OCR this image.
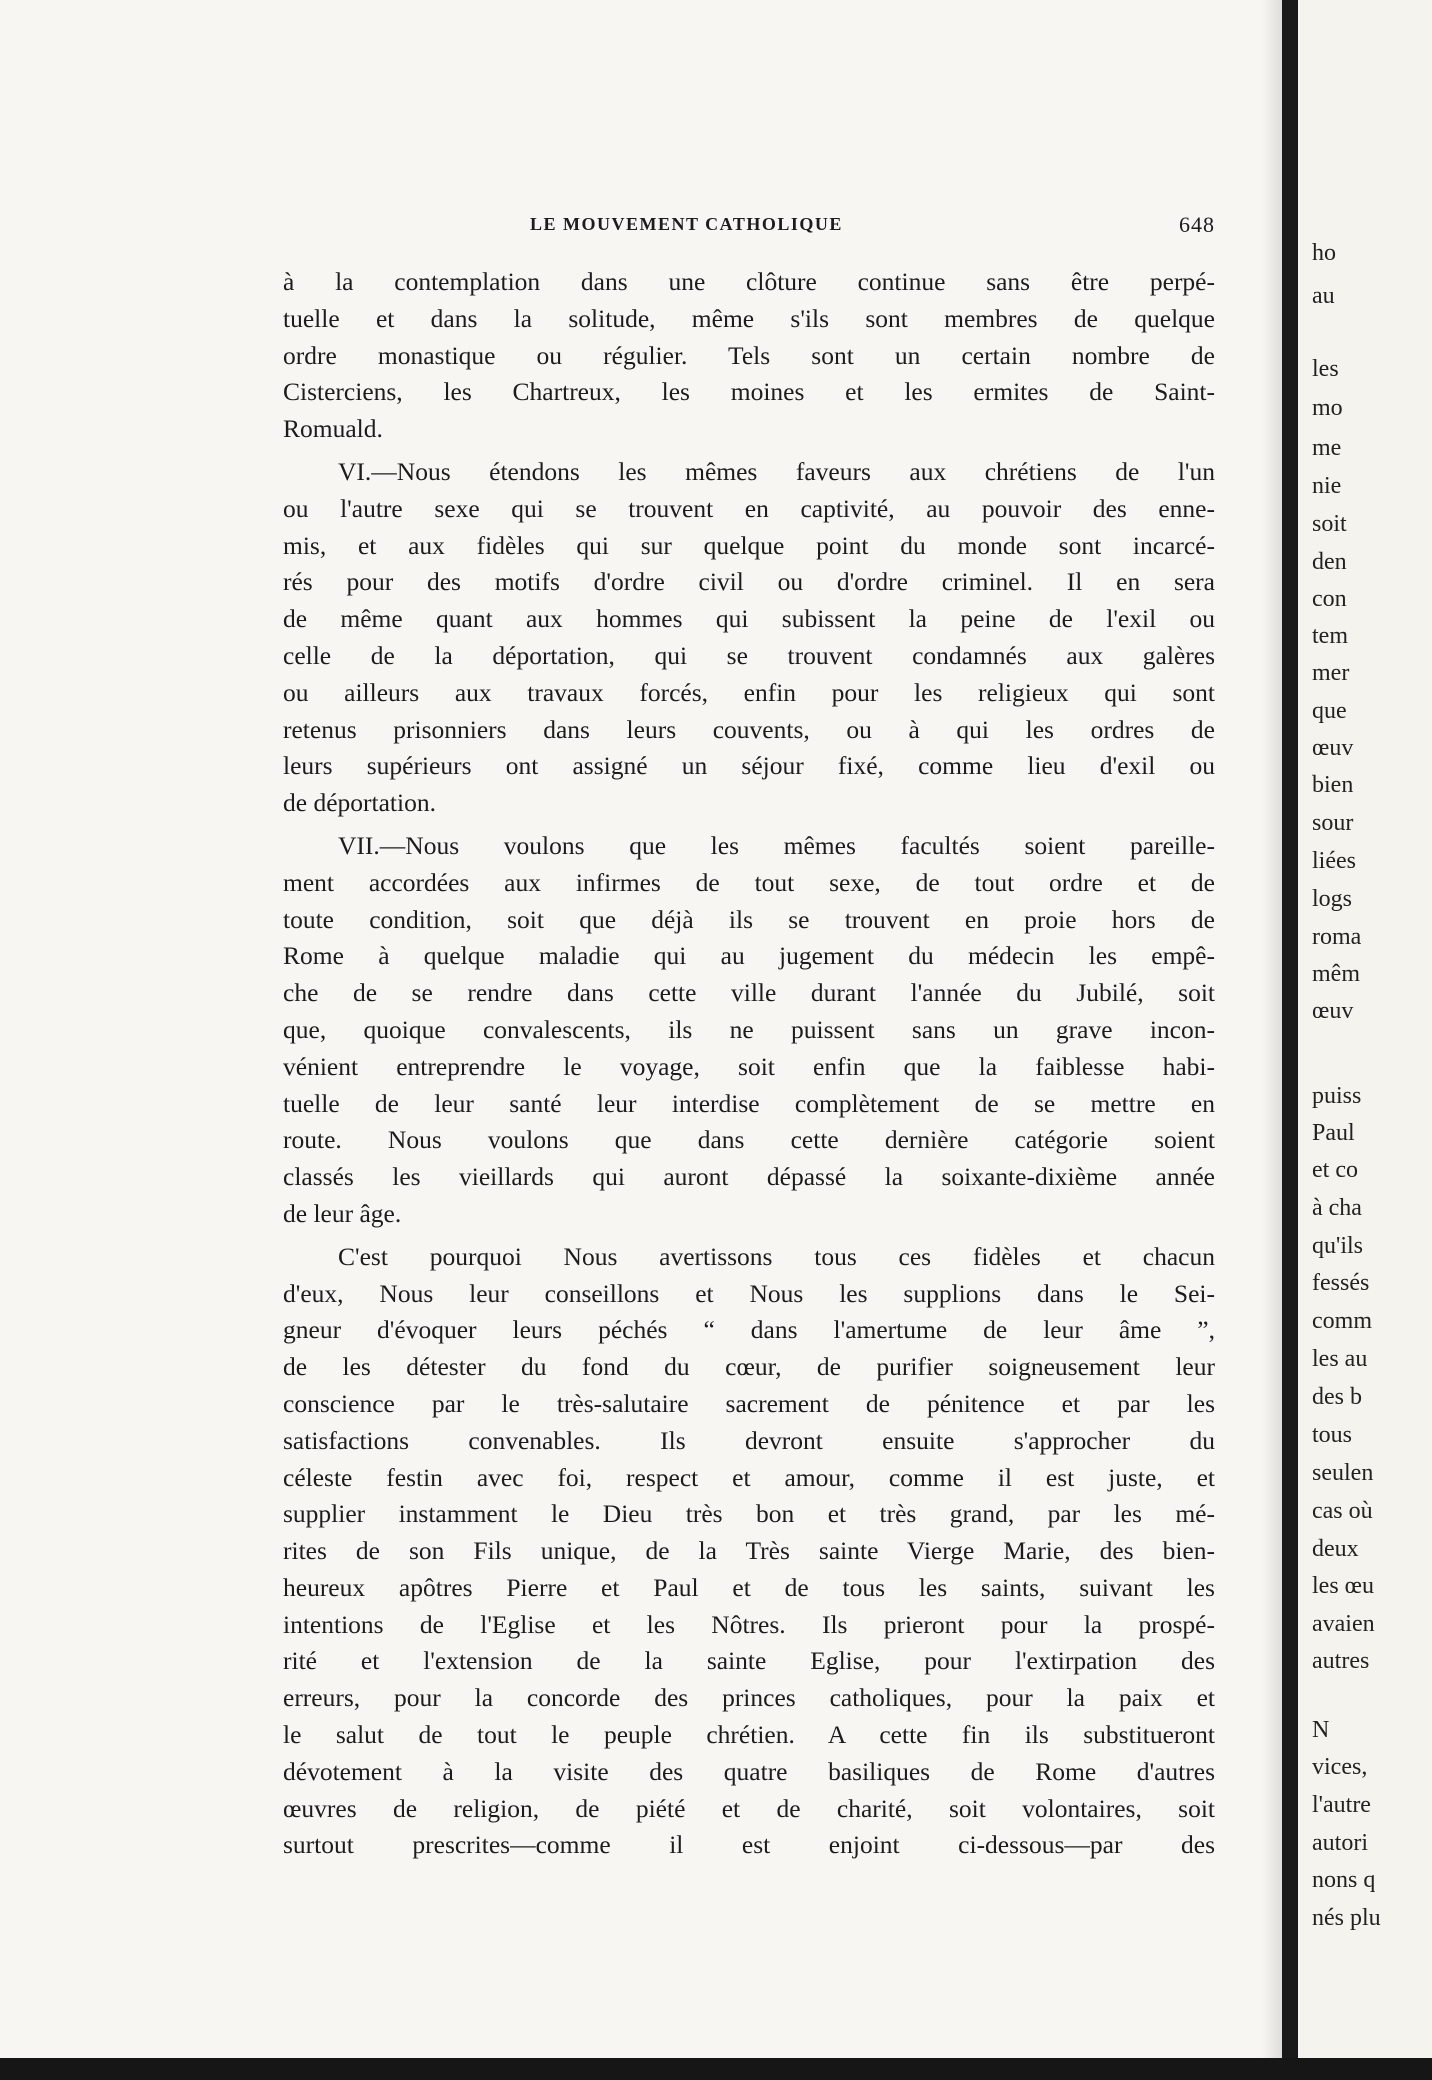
LE MOUVEMENT CATHOLIQUE	648

à la contemplation dans une clôture continue sans être perpé-
tuelle et dans la solitude, même s'ils sont membres de quelque
ordre monastique ou régulier. Tels sont un certain nombre de
Cisterciens, les Chartreux, les moines et les ermites de Saint-
Romuald.

VI.—Nous étendons les mêmes faveurs aux chrétiens de l'un
ou l'autre sexe qui se trouvent en captivité, au pouvoir des enne-
mis, et aux fidèles qui sur quelque point du monde sont incarcé-
rés pour des motifs d'ordre civil ou d'ordre criminel. Il en sera
de même quant aux hommes qui subissent la peine de l'exil ou
celle de la déportation, qui se trouvent condamnés aux galères
ou ailleurs aux travaux forcés, enfin pour les religieux qui sont
retenus prisonniers dans leurs couvents, ou à qui les ordres de
leurs supérieurs ont assigné un séjour fixé, comme lieu d'exil ou
de déportation.

VII.—Nous voulons que les mêmes facultés soient pareille-
ment accordées aux infirmes de tout sexe, de tout ordre et de
toute condition, soit que déjà ils se trouvent en proie hors de
Rome à quelque maladie qui au jugement du médecin les empê-
che de se rendre dans cette ville durant l'année du Jubilé, soit
que, quoique convalescents, ils ne puissent sans un grave incon-
vénient entreprendre le voyage, soit enfin que la faiblesse habi-
tuelle de leur santé leur interdise complètement de se mettre en
route. Nous voulons que dans cette dernière catégorie soient
classés les vieillards qui auront dépassé la soixante-dixième année
de leur âge.

C'est pourquoi Nous avertissons tous ces fidèles et chacun
d'eux, Nous leur conseillons et Nous les supplions dans le Sei-
gneur d'évoquer leurs péchés “ dans l'amertume de leur âme ”,
de les détester du fond du cœur, de purifier soigneusement leur
conscience par le très-salutaire sacrement de pénitence et par les
satisfactions convenables. Ils devront ensuite s'approcher du
céleste festin avec foi, respect et amour, comme il est juste, et
supplier instamment le Dieu très bon et très grand, par les mé-
rites de son Fils unique, de la Très sainte Vierge Marie, des bien-
heureux apôtres Pierre et Paul et de tous les saints, suivant les
intentions de l'Eglise et les Nôtres. Ils prieront pour la prospé-
rité et l'extension de la sainte Eglise, pour l'extirpation des
erreurs, pour la concorde des princes catholiques, pour la paix et
le salut de tout le peuple chrétien. A cette fin ils substitueront
dévotement à la visite des quatre basiliques de Rome d'autres
œuvres de religion, de piété et de charité, soit volontaires, soit
surtout prescrites—comme il est enjoint ci-dessous—par des

ho
au
les
mo
me
nie
soit
den
con
tem
mer
que
œuv
bien
sour
liées
logs
roma
mêm
œuv
puiss
Paul
et co
à cha
qu'ils
fessés
comm
les au
des b
tous
seulen
cas où
deux
les œu
avaien
autres
N
vices,
l'autre
autori
nons q
nés plu
